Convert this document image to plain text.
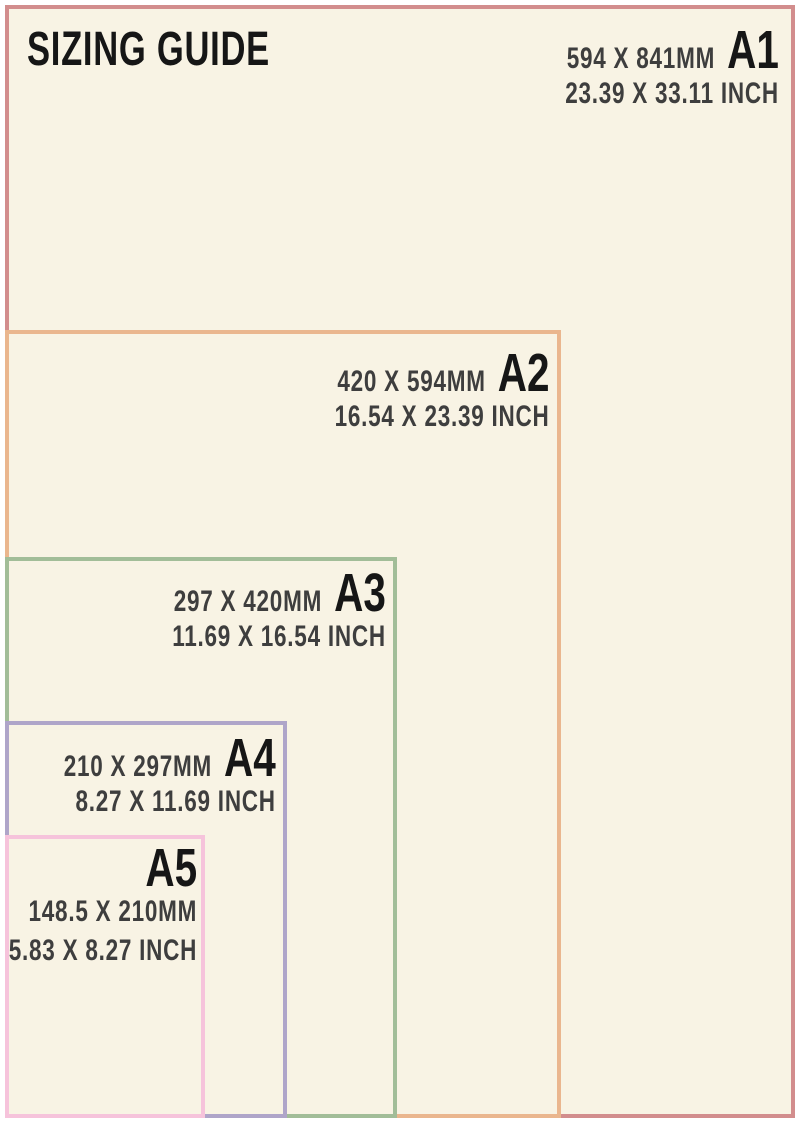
SIZING GUIDE	594 X 841MM A1
23.39 X 33.11 INCH
420 X 594MM A2
16.54 X 23.39 INCH
297 X 420MM A3
11.69 X 16.54 INCH
210 X 297MM A4
8.27 X 11.69 INCH
A5
148.5 X 210MM
5.83 X 8.27 INCH
